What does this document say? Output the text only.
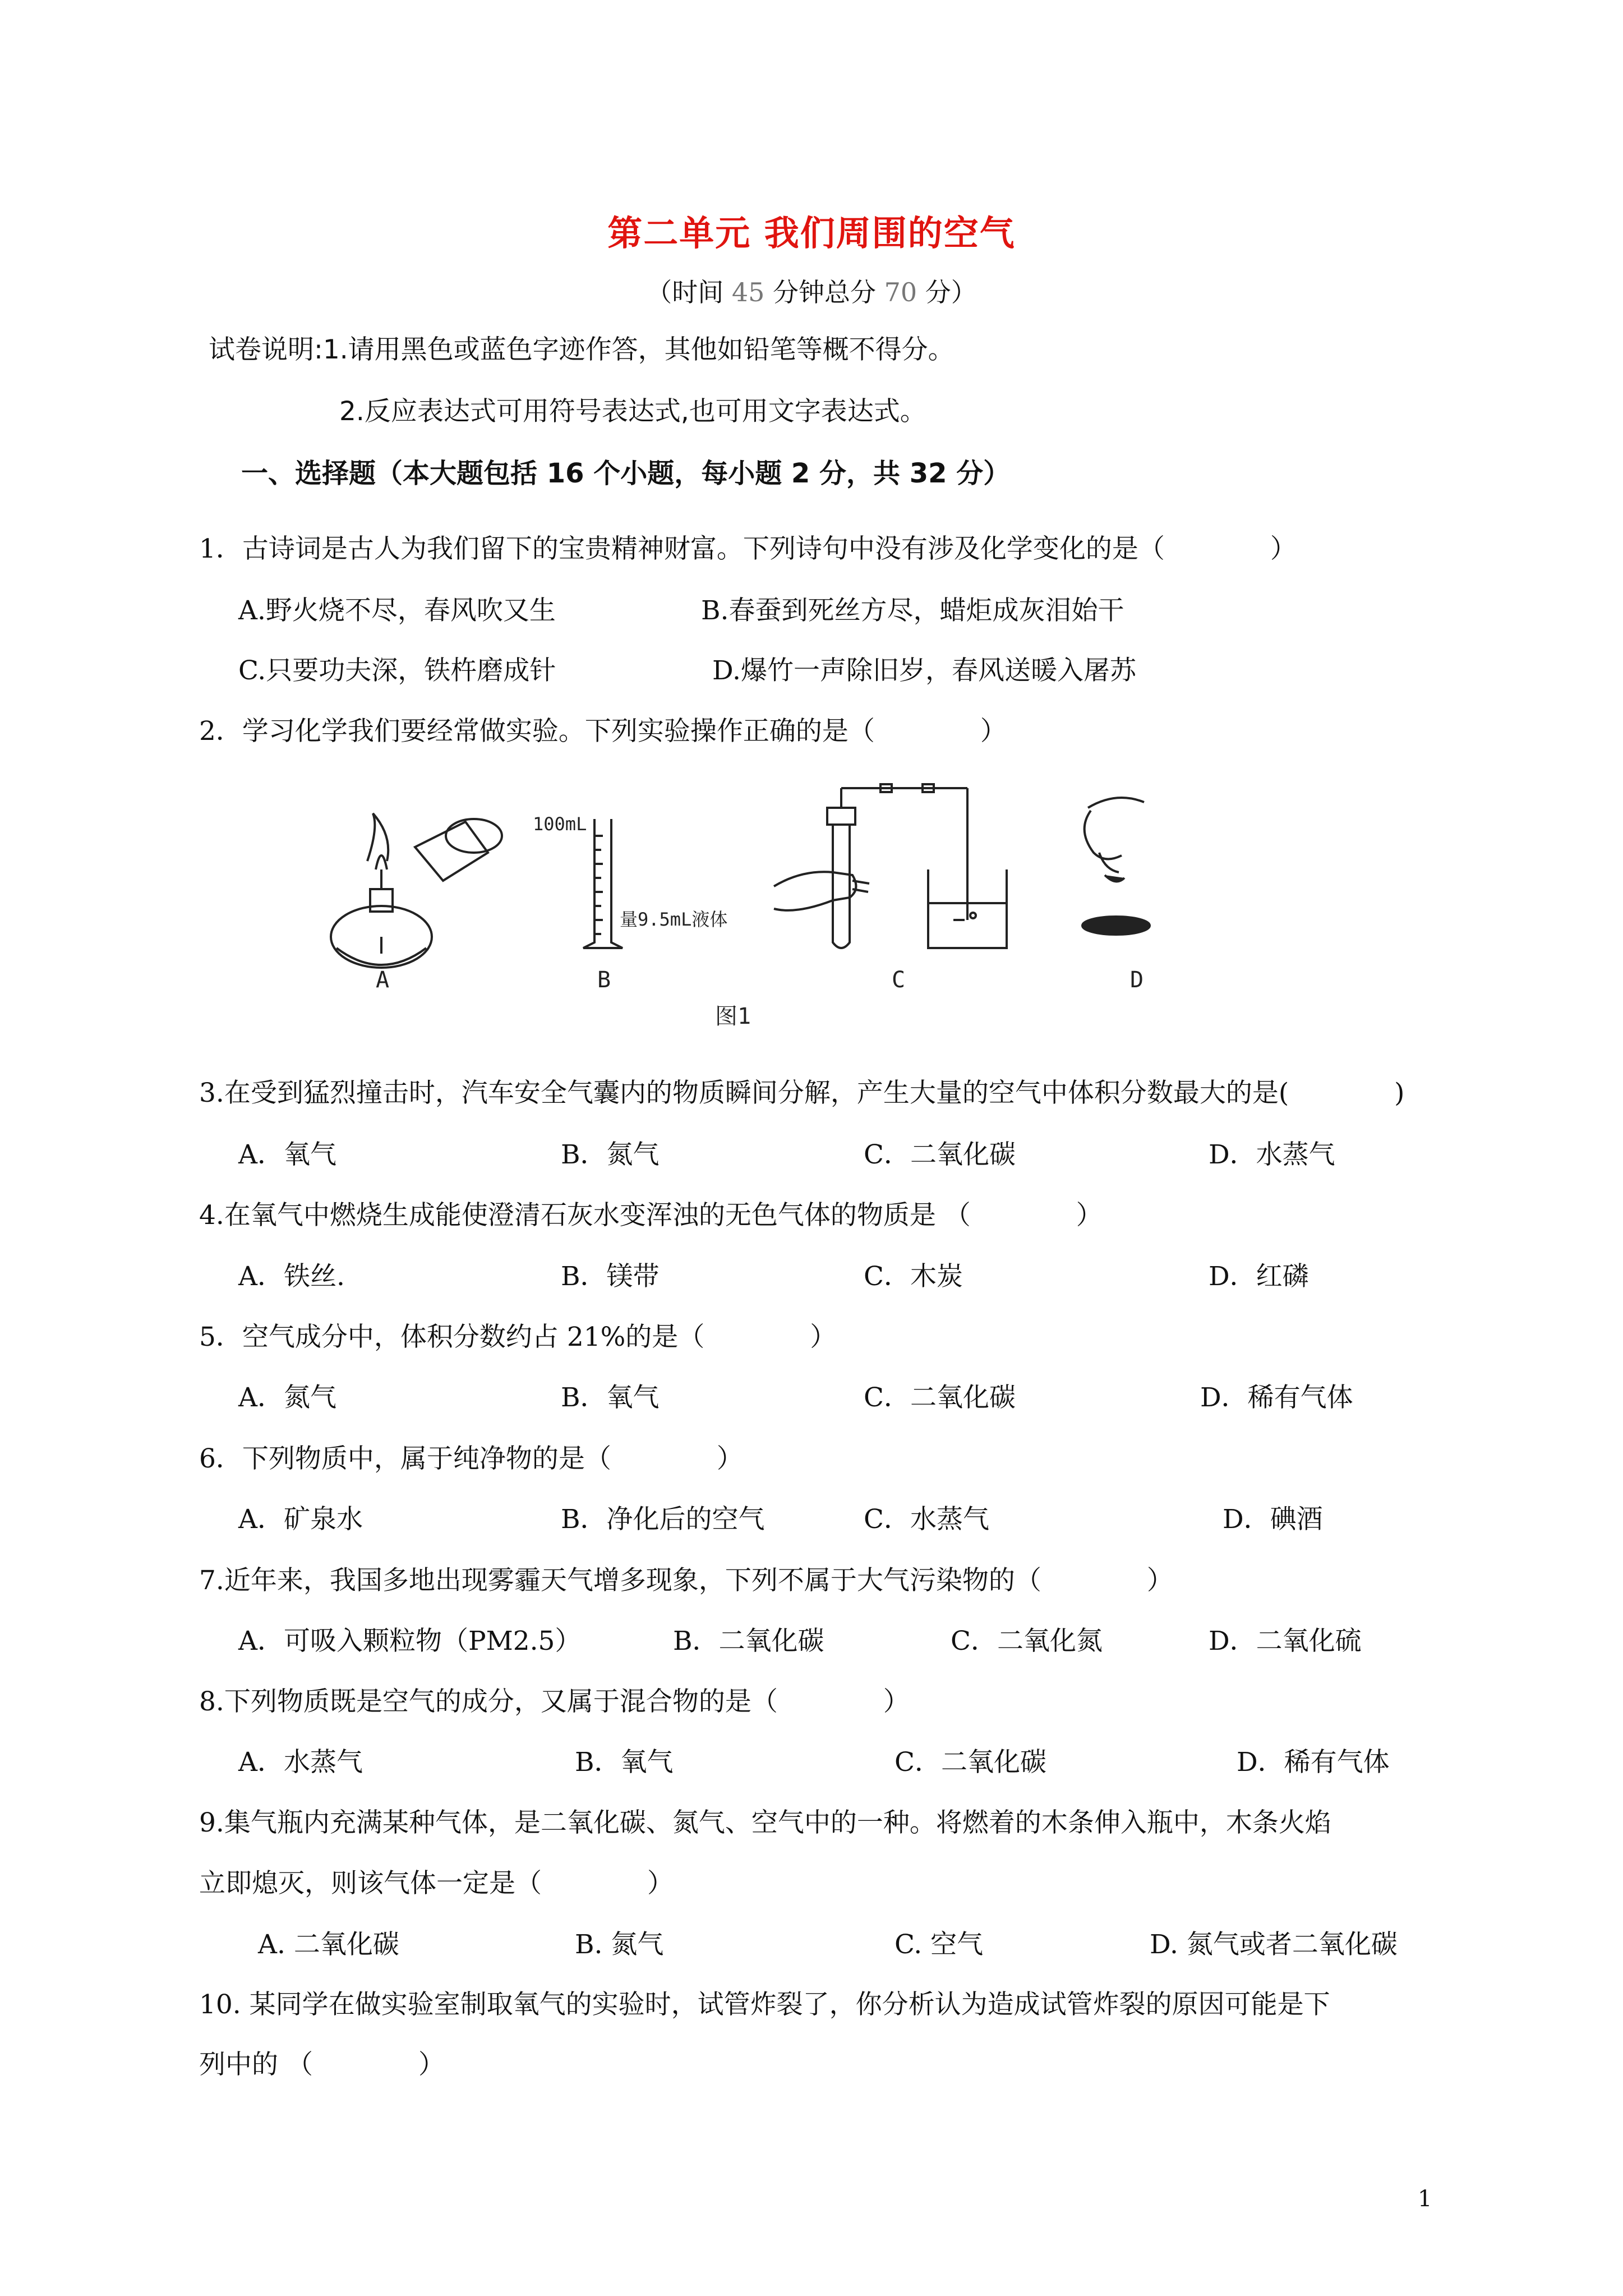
第二单元 我们周围的空气
（时间 45 分钟总分 70 分）
试卷说明:1.请用黑色或蓝色字迹作答，其他如铅笔等概不得分。
2.反应表达式可用符号表达式,也可用文字表达式。
一、选择题（本大题包括 16 个小题，每小题 2 分，共 32 分）
1．古诗词是古人为我们留下的宝贵精神财富。下列诗句中没有涉及化学变化的是（　　　　）
A.野火烧不尽，春风吹又生	B.春蚕到死丝方尽，蜡炬成灰泪始干
C.只要功夫深，铁杵磨成针	D.爆竹一声除旧岁，春风送暖入屠苏
2．学习化学我们要经常做实验。下列实验操作正确的是（　　　　）
A
100mL
量9.5mL液体
B	C	D
图1
3.在受到猛烈撞击时，汽车安全气囊内的物质瞬间分解，产生大量的空气中体积分数最大的是(　　　　)
A．氧气	B．氮气	C．二氧化碳	D．水蒸气
4.在氧气中燃烧生成能使澄清石灰水变浑浊的无色气体的物质是 （　　　　）
A．铁丝.	B．镁带	C．木炭	D．红磷
5．空气成分中，体积分数约占 21%的是（　　　　）
A．氮气	B．氧气	C．二氧化碳	D．稀有气体
6．下列物质中，属于纯净物的是（　　　　）
A．矿泉水	B．净化后的空气	C．水蒸气	D．碘酒
7.近年来，我国多地出现雾霾天气增多现象，下列不属于大气污染物的（　　　　）
A．可吸入颗粒物（PM2.5）	B．二氧化碳	C．二氧化氮	D．二氧化硫
8.下列物质既是空气的成分，又属于混合物的是（　　　　）
A．水蒸气	B．氧气	C．二氧化碳	D．稀有气体
9.集气瓶内充满某种气体，是二氧化碳、氮气、空气中的一种。将燃着的木条伸入瓶中，木条火焰
立即熄灭，则该气体一定是（　　　　）
A. 二氧化碳	B. 氮气	C. 空气	D. 氮气或者二氧化碳
10. 某同学在做实验室制取氧气的实验时，试管炸裂了，你分析认为造成试管炸裂的原因可能是下
列中的 （　　　　）
1
